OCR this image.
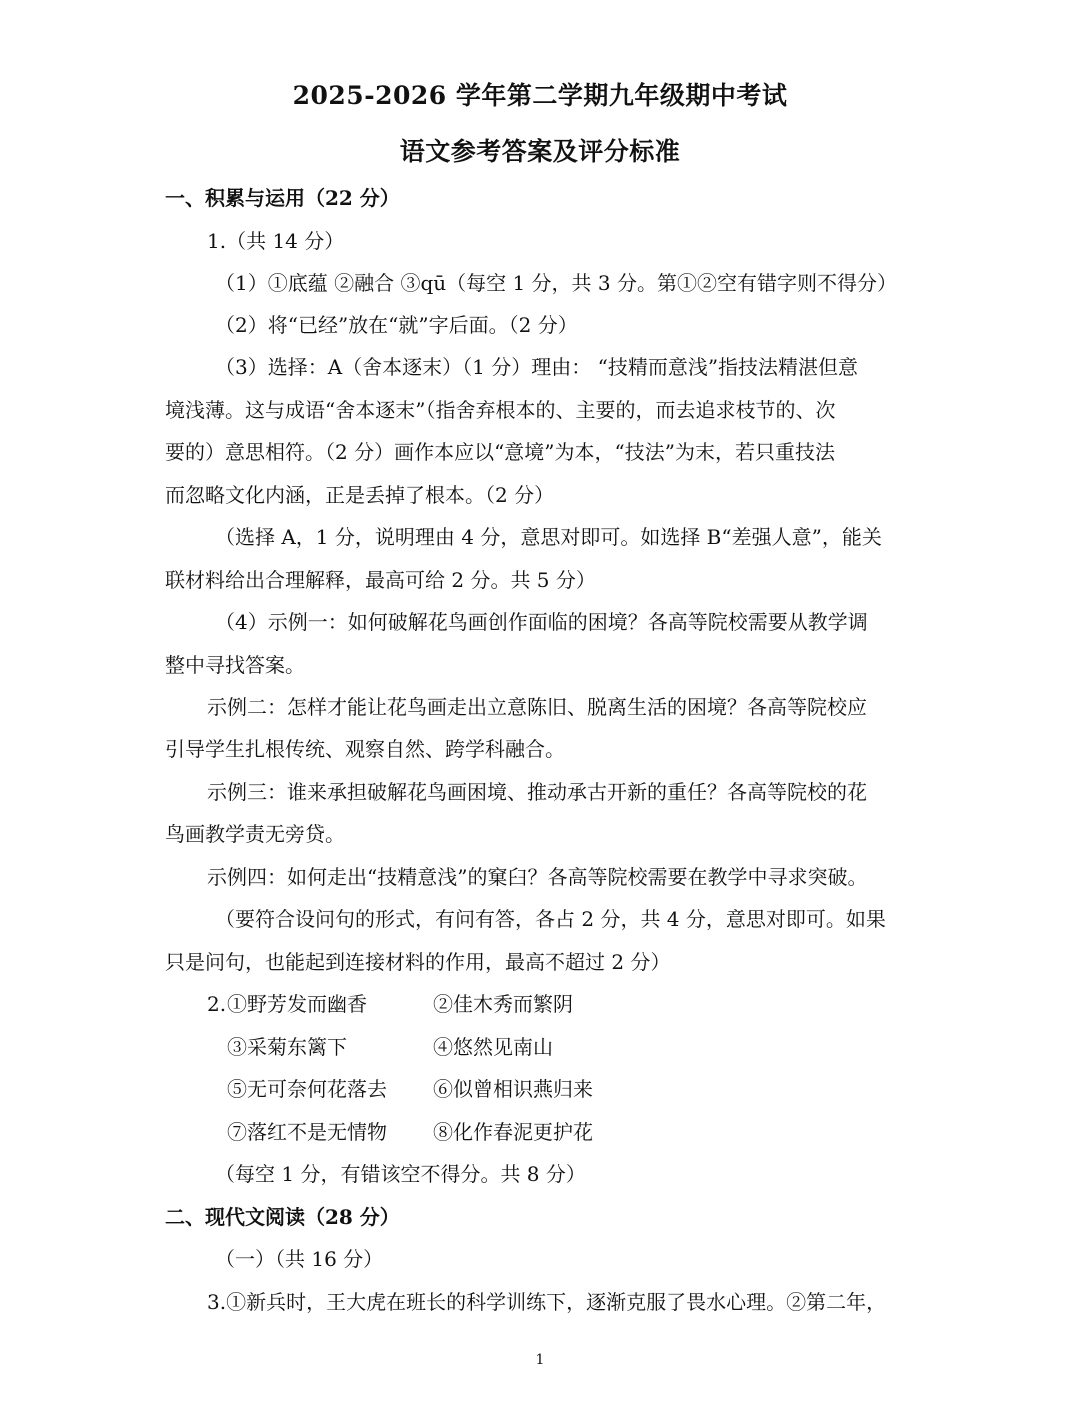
2025-2026 学年第二学期九年级期中考试
语文参考答案及评分标准
一、积累与运用（22 分）
1.（共 14 分）
（1）①底蕴 ②融合 ③qū（每空 1 分，共 3 分。第①②空有错字则不得分）
（2）将“已经”放在“就”字后面。（2 分）
（3）选择：A（舍本逐末）（1 分）理由： “技精而意浅”指技法精湛但意
境浅薄。这与成语“舍本逐末”（指舍弃根本的、主要的，而去追求枝节的、次
要的）意思相符。（2 分）画作本应以“意境”为本，“技法”为末，若只重技法
而忽略文化内涵，正是丢掉了根本。（2 分）
（选择 A，1 分，说明理由 4 分，意思对即可。如选择 B“差强人意”，能关
联材料给出合理解释，最高可给 2 分。共 5 分）
（4）示例一：如何破解花鸟画创作面临的困境？各高等院校需要从教学调
整中寻找答案。
示例二：怎样才能让花鸟画走出立意陈旧、脱离生活的困境？各高等院校应
引导学生扎根传统、观察自然、跨学科融合。
示例三：谁来承担破解花鸟画困境、推动承古开新的重任？各高等院校的花
鸟画教学责无旁贷。
示例四：如何走出“技精意浅”的窠臼？各高等院校需要在教学中寻求突破。
（要符合设问句的形式，有问有答，各占 2 分，共 4 分，意思对即可。如果
只是问句，也能起到连接材料的作用，最高不超过 2 分）
2. ①野芳发而幽香	②佳木秀而繁阴
③采菊东篱下	④悠然见南山
⑤无可奈何花落去 ⑥似曾相识燕归来
⑦落红不是无情物 ⑧化作春泥更护花
（每空 1 分，有错该空不得分。共 8 分）
二、现代文阅读（28 分）
（一）（共 16 分）
3.①新兵时，王大虎在班长的科学训练下，逐渐克服了畏水心理。②第二年，
1
